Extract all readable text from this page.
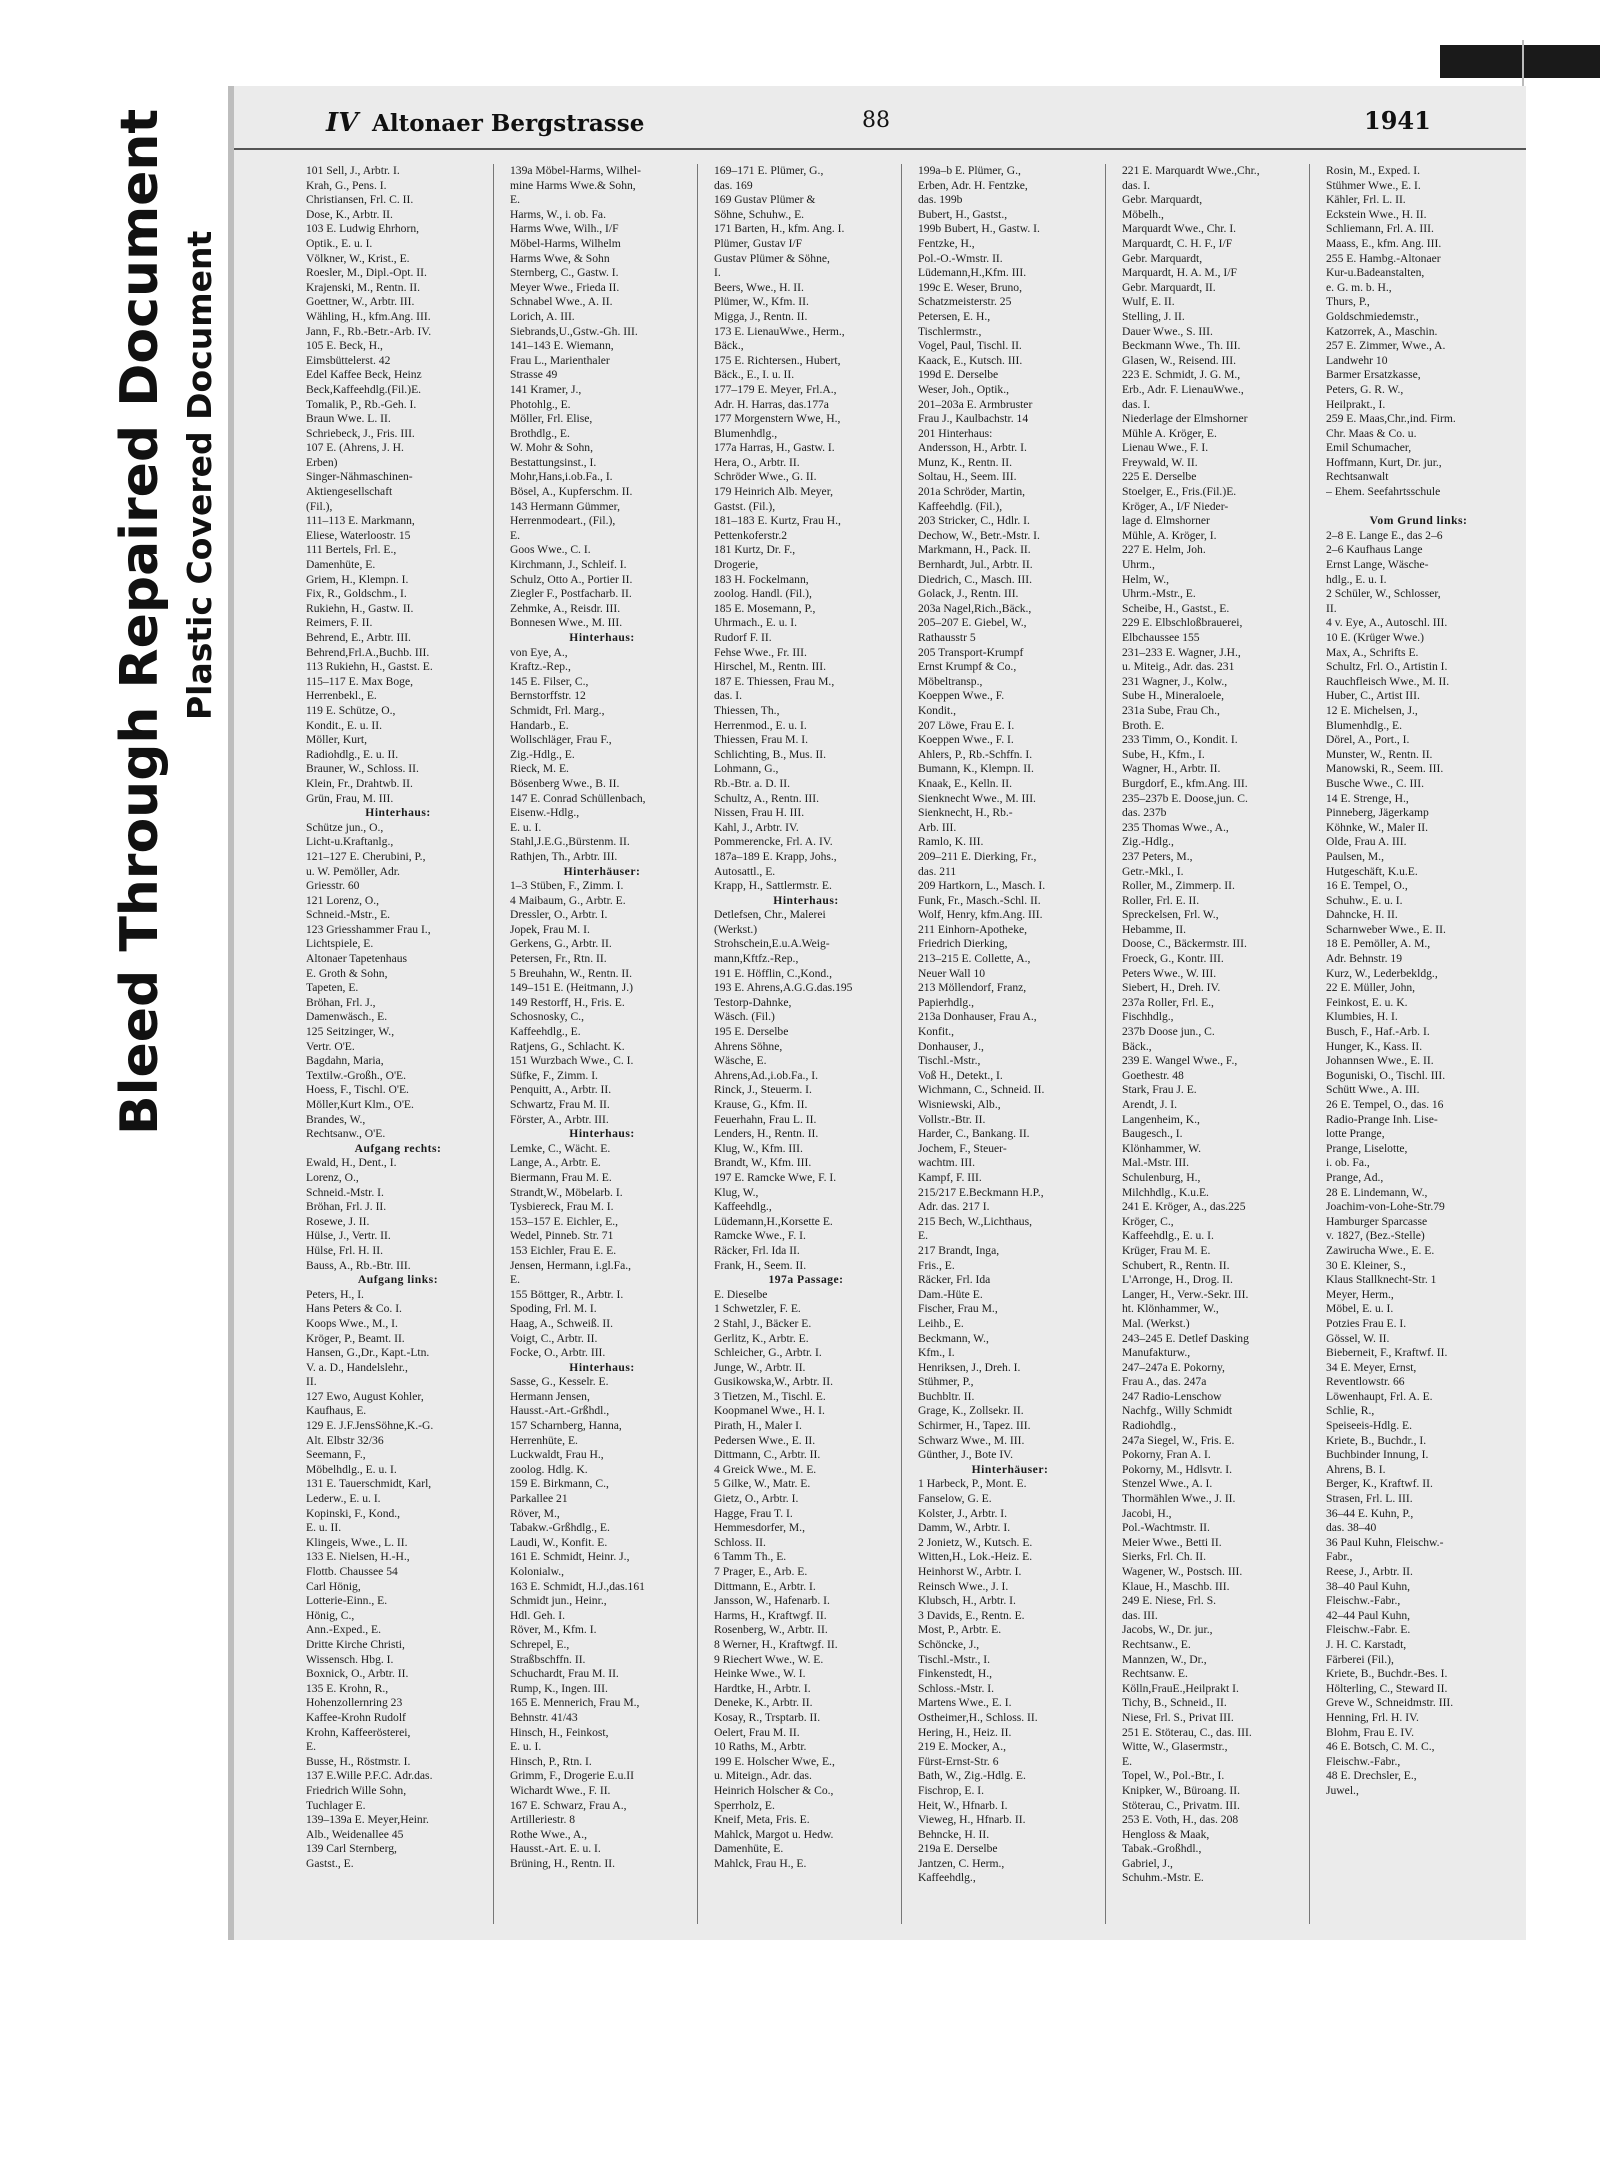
Bleed Through Repaired Document Plastic Covered Document
IV Altonaer Bergstrasse	88	1941
101 Sell, J., Arbtr. I.
Krah, G., Pens. I.
Christiansen, Frl. C. II.
Dose, K., Arbtr. II.
103 E. Ludwig Ehrhorn,
Optik., E. u. I.
Völkner, W., Krist., E.
Roesler, M., Dipl.-Opt. II.
Krajenski, M., Rentn. II.
Goettner, W., Arbtr. III.
Wähling, H., kfm.Ang. III.
Jann, F., Rb.-Betr.-Arb. IV.
105 E. Beck, H.,
Eimsbüttelerst. 42
Edel Kaffee Beck, Heinz
Beck,Kaffeehdlg.(Fil.)E.
Tomalik, P., Rb.-Geh. I.
Braun Wwe. L. II.
Schriebeck, J., Fris. III.
107 E. (Ahrens, J. H.
Erben)
Singer-Nähmaschinen-
Aktiengesellschaft
(Fil.),
111–113 E. Markmann,
Eliese, Waterloostr. 15
111 Bertels, Frl. E.,
Damenhüte, E.
Griem, H., Klempn. I.
Fix, R., Goldschm., I.
Rukiehn, H., Gastw. II.
Reimers, F. II.
Behrend, E., Arbtr. III.
Behrend,Frl.A.,Buchb. III.
113 Rukiehn, H., Gastst. E.
115–117 E. Max Boge,
Herrenbekl., E.
119 E. Schütze, O.,
Kondit., E. u. II.
Möller, Kurt,
Radiohdlg., E. u. II.
Brauner, W., Schloss. II.
Klein, Fr., Drahtwb. II.
Grün, Frau, M. III.
Hinterhaus:
Schütze jun., O.,
Licht-u.Kraftanlg.,
121–127 E. Cherubini, P.,
u. W. Pemöller, Adr.
Griesstr. 60
121 Lorenz, O.,
Schneid.-Mstr., E.
123 Griesshammer Frau I.,
Lichtspiele, E.
Altonaer Tapetenhaus
E. Groth & Sohn,
Tapeten, E.
Bröhan, Frl. J.,
Damenwäsch., E.
125 Seitzinger, W.,
Vertr. O'E.
Bagdahn, Maria,
Textilw.-Großh., O'E.
Hoess, F., Tischl. O'E.
Möller,Kurt Klm., O'E.
Brandes, W.,
Rechtsanw., O'E.
Aufgang rechts:
Ewald, H., Dent., I.
Lorenz, O.,
Schneid.-Mstr. I.
Bröhan, Frl. J. II.
Rosewe, J. II.
Hülse, J., Vertr. II.
Hülse, Frl. H. II.
Bauss, A., Rb.-Btr. III.
Aufgang links:
Peters, H., I.
Hans Peters & Co. I.
Koops Wwe., M., I.
Kröger, P., Beamt. II.
Hansen, G.,Dr., Kapt.-Ltn.
V. a. D., Handelslehr.,
II.
127 Ewo, August Kohler,
Kaufhaus, E.
129 E. J.F.JensSöhne,K.-G.
Alt. Elbstr 32/36
Seemann, F.,
Möbelhdlg., E. u. I.
131 E. Tauerschmidt, Karl,
Lederw., E. u. I.
Kopinski, F., Kond.,
E. u. II.
Klingeis, Wwe., L. II.
133 E. Nielsen, H.-H.,
Flottb. Chaussee 54
Carl Hönig,
Lotterie-Einn., E.
Hönig, C.,
Ann.-Exped., E.
Dritte Kirche Christi,
Wissensch. Hbg. I.
Boxnick, O., Arbtr. II.
135 E. Krohn, R.,
Hohenzollernring 23
Kaffee-Krohn Rudolf
Krohn, Kaffeerösterei,
E.
Busse, H., Röstmstr. I.
137 E.Wille P.F.C. Adr.das.
Friedrich Wille Sohn,
Tuchlager E.
139–139a E. Meyer,Heinr.
Alb., Weidenallee 45
139 Carl Sternberg,
Gastst., E.
139a Möbel-Harms, Wilhel-
mine Harms Wwe.& Sohn,
E.
Harms, W., i. ob. Fa.
Harms Wwe, Wilh., I/F
Möbel-Harms, Wilhelm
Harms Wwe, & Sohn
Sternberg, C., Gastw. I.
Meyer Wwe., Frieda II.
Schnabel Wwe., A. II.
Lorich, A. III.
Siebrands,U.,Gstw.-Gh. III.
141–143 E. Wiemann,
Frau L., Marienthaler
Strasse 49
141 Kramer, J.,
Photohlg., E.
Möller, Frl. Elise,
Brothdlg., E.
W. Mohr & Sohn,
Bestattungsinst., I.
Mohr,Hans,i.ob.Fa., I.
Bösel, A., Kupferschm. II.
143 Hermann Gümmer,
Herrenmodeart., (Fil.),
E.
Goos Wwe., C. I.
Kirchmann, J., Schleif. I.
Schulz, Otto A., Portier II.
Ziegler F., Postfacharb. II.
Zehmke, A., Reisdr. III.
Bonnesen Wwe., M. III.
Hinterhaus:
von Eye, A.,
Kraftz.-Rep.,
145 E. Filser, C.,
Bernstorffstr. 12
Schmidt, Frl. Marg.,
Handarb., E.
Wollschläger, Frau F.,
Zig.-Hdlg., E.
Rieck, M. E.
Bösenberg Wwe., B. II.
147 E. Conrad Schüllenbach,
Eisenw.-Hdlg.,
E. u. I.
Stahl,J.E.G.,Bürstenm. II.
Rathjen, Th., Arbtr. III.
Hinterhäuser:
1–3 Stüben, F., Zimm. I.
4 Maibaum, G., Arbtr. E.
Dressler, O., Arbtr. I.
Jopek, Frau M. I.
Gerkens, G., Arbtr. II.
Petersen, Fr., Rtn. II.
5 Breuhahn, W., Rentn. II.
149–151 E. (Heitmann, J.)
149 Restorff, H., Fris. E.
Schosnosky, C.,
Kaffeehdlg., E.
Ratjens, G., Schlacht. K.
151 Wurzbach Wwe., C. I.
Süfke, F., Zimm. I.
Penquitt, A., Arbtr. II.
Schwartz, Frau M. II.
Förster, A., Arbtr. III.
Hinterhaus:
Lemke, C., Wächt. E.
Lange, A., Arbtr. E.
Biermann, Frau M. E.
Strandt,W., Möbelarb. I.
Tysbiereck, Frau M. I.
153–157 E. Eichler, E.,
Wedel, Pinneb. Str. 71
153 Eichler, Frau E. E.
Jensen, Hermann, i.gl.Fa.,
E.
155 Böttger, R., Arbtr. I.
Spoding, Frl. M. I.
Haag, A., Schweiß. II.
Voigt, C., Arbtr. II.
Focke, O., Arbtr. III.
Hinterhaus:
Sasse, G., Kesselr. E.
Hermann Jensen,
Hausst.-Art.-Grßhdl.,
157 Scharnberg, Hanna,
Herrenhüte, E.
Luckwaldt, Frau H.,
zoolog. Hdlg. K.
159 E. Birkmann, C.,
Parkallee 21
Röver, M.,
Tabakw.-Grßhdlg., E.
Laudi, W., Konfit. E.
161 E. Schmidt, Heinr. J.,
Kolonialw.,
163 E. Schmidt, H.J.,das.161
Schmidt jun., Heinr.,
Hdl. Geh. I.
Röver, M., Kfm. I.
Schrepel, E.,
Straßbschffn. II.
Schuchardt, Frau M. II.
Rump, K., Ingen. III.
165 E. Mennerich, Frau M.,
Behnstr. 41/43
Hinsch, H., Feinkost,
E. u. I.
Hinsch, P., Rtn. I.
Grimm, F., Drogerie E.u.II
Wichardt Wwe., F. II.
167 E. Schwarz, Frau A.,
Artilleriestr. 8
Rothe Wwe., A.,
Hausst.-Art. E. u. I.
Brüning, H., Rentn. II.
169–171 E. Plümer, G.,
das. 169
169 Gustav Plümer &
Söhne, Schuhw., E.
171 Barten, H., kfm. Ang. I.
Plümer, Gustav I/F
Gustav Plümer & Söhne,
I.
Beers, Wwe., H. II.
Plümer, W., Kfm. II.
Migga, J., Rentn. II.
173 E. LienauWwe., Herm.,
Bäck.,
175 E. Richtersen., Hubert,
Bäck., E., I. u. II.
177–179 E. Meyer, Frl.A.,
Adr. H. Harras, das.177a
177 Morgenstern Wwe, H.,
Blumenhdlg.,
177a Harras, H., Gastw. I.
Hera, O., Arbtr. II.
Schröder Wwe., G. II.
179 Heinrich Alb. Meyer,
Gastst. (Fil.),
181–183 E. Kurtz, Frau H.,
Pettenkoferstr.2
181 Kurtz, Dr. F.,
Drogerie,
183 H. Fockelmann,
zoolog. Handl. (Fil.),
185 E. Mosemann, P.,
Uhrmach., E. u. I.
Rudorf F. II.
Fehse Wwe., Fr. III.
Hirschel, M., Rentn. III.
187 E. Thiessen, Frau M.,
das. I.
Thiessen, Th.,
Herrenmod., E. u. I.
Thiessen, Frau M. I.
Schlichting, B., Mus. II.
Lohmann, G.,
Rb.-Btr. a. D. II.
Schultz, A., Rentn. III.
Nissen, Frau H. III.
Kahl, J., Arbtr. IV.
Pommerencke, Frl. A. IV.
187a–189 E. Krapp, Johs.,
Autosattl., E.
Krapp, H., Sattlermstr. E.
Hinterhaus:
Detlefsen, Chr., Malerei
(Werkst.)
Strohschein,E.u.A.Weig-
mann,Kftfz.-Rep.,
191 E. Höfflin, C.,Kond.,
193 E. Ahrens,A.G.G.das.195
Testorp-Dahnke,
Wäsch. (Fil.)
195 E. Derselbe
Ahrens Söhne,
Wäsche, E.
Ahrens,Ad.,i.ob.Fa., I.
Rinck, J., Steuerm. I.
Krause, G., Kfm. II.
Feuerhahn, Frau L. II.
Lenders, H., Rentn. II.
Klug, W., Kfm. III.
Brandt, W., Kfm. III.
197 E. Ramcke Wwe, F. I.
Klug, W.,
Kaffeehdlg.,
Lüdemann,H.,Korsette E.
Ramcke Wwe., F. I.
Räcker, Frl. Ida II.
Frank, H., Seem. II.
197a Passage:
E. Dieselbe
1 Schwetzler, F. E.
2 Stahl, J., Bäcker E.
Gerlitz, K., Arbtr. E.
Schleicher, G., Arbtr. I.
Junge, W., Arbtr. II.
Gusikowska,W., Arbtr. II.
3 Tietzen, M., Tischl. E.
Koopmanel Wwe., H. I.
Pirath, H., Maler I.
Pedersen Wwe., E. II.
Dittmann, C., Arbtr. II.
4 Greick Wwe., M. E.
5 Gilke, W., Matr. E.
Gietz, O., Arbtr. I.
Hagge, Frau T. I.
Hemmesdorfer, M.,
Schloss. II.
6 Tamm Th., E.
7 Prager, E., Arb. E.
Dittmann, E., Arbtr. I.
Jansson, W., Hafenarb. I.
Harms, H., Kraftwgf. II.
Rosenberg, W., Arbtr. II.
8 Werner, H., Kraftwgf. II.
9 Riechert Wwe., W. E.
Heinke Wwe., W. I.
Hardtke, H., Arbtr. I.
Deneke, K., Arbtr. II.
Kosay, R., Trsptarb. II.
Oelert, Frau M. II.
10 Raths, M., Arbtr.
199 E. Holscher Wwe, E.,
u. Miteign., Adr. das.
Heinrich Holscher & Co.,
Sperrholz, E.
Kneif, Meta, Fris. E.
Mahlck, Margot u. Hedw.
Damenhüte, E.
Mahlck, Frau H., E.
199a–b E. Plümer, G.,
Erben, Adr. H. Fentzke,
das. 199b
Bubert, H., Gastst.,
199b Bubert, H., Gastw. I.
Fentzke, H.,
Pol.-O.-Wmstr. II.
Lüdemann,H.,Kfm. III.
199c E. Weser, Bruno,
Schatzmeisterstr. 25
Petersen, E. H.,
Tischlermstr.,
Vogel, Paul, Tischl. II.
Kaack, E., Kutsch. III.
199d E. Derselbe
Weser, Joh., Optik.,
201–203a E. Armbruster
Frau J., Kaulbachstr. 14
201 Hinterhaus:
Andersson, H., Arbtr. I.
Munz, K., Rentn. II.
Soltau, H., Seem. III.
201a Schröder, Martin,
Kaffeehdlg. (Fil.),
203 Stricker, C., Hdlr. I.
Dechow, W., Betr.-Mstr. I.
Markmann, H., Pack. II.
Bernhardt, Jul., Arbtr. II.
Diedrich, C., Masch. III.
Golack, J., Rentn. III.
203a Nagel,Rich.,Bäck.,
205–207 E. Giebel, W.,
Rathausstr 5
205 Transport-Krumpf
Ernst Krumpf & Co.,
Möbeltransp.,
Koeppen Wwe., F.
Kondit.,
207 Löwe, Frau E. I.
Koeppen Wwe., F. I.
Ahlers, P., Rb.-Schffn. I.
Bumann, K., Klempn. II.
Knaak, E., Kelln. II.
Sienknecht Wwe., M. III.
Sienknecht, H., Rb.-
Arb. III.
Ramlo, K. III.
209–211 E. Dierking, Fr.,
das. 211
209 Hartkorn, L., Masch. I.
Funk, Fr., Masch.-Schl. II.
Wolf, Henry, kfm.Ang. III.
211 Einhorn-Apotheke,
Friedrich Dierking,
213–215 E. Collette, A.,
Neuer Wall 10
213 Möllendorf, Franz,
Papierhdlg.,
213a Donhauser, Frau A.,
Konfit.,
Donhauser, J.,
Tischl.-Mstr.,
Voß H., Detekt., I.
Wichmann, C., Schneid. II.
Wisniewski, Alb.,
Vollstr.-Btr. II.
Harder, C., Bankang. II.
Jochem, F., Steuer-
wachtm. III.
Kampf, F. III.
215/217 E.Beckmann H.P.,
Adr. das. 217 I.
215 Bech, W.,Lichthaus,
E.
217 Brandt, Inga,
Fris., E.
Räcker, Frl. Ida
Dam.-Hüte E.
Fischer, Frau M.,
Leihb., E.
Beckmann, W.,
Kfm., I.
Henriksen, J., Dreh. I.
Stühmer, P.,
Buchbltr. II.
Grage, K., Zollsekr. II.
Schirmer, H., Tapez. III.
Schwarz Wwe., M. III.
Günther, J., Bote IV.
Hinterhäuser:
1 Harbeck, P., Mont. E.
Fanselow, G. E.
Kolster, J., Arbtr. I.
Damm, W., Arbtr. I.
2 Jonietz, W., Kutsch. E.
Witten,H., Lok.-Heiz. E.
Heinhorst W., Arbtr. I.
Reinsch Wwe., J. I.
Klubsch, H., Arbtr. I.
3 Davids, E., Rentn. E.
Most, P., Arbtr. E.
Schöncke, J.,
Tischl.-Mstr., I.
Finkenstedt, H.,
Schloss.-Mstr. I.
Martens Wwe., E. I.
Ostheimer,H., Schloss. II.
Hering, H., Heiz. II.
219 E. Mocker, A.,
Fürst-Ernst-Str. 6
Bath, W., Zig.-Hdlg. E.
Fischrop, E. I.
Heit, W., Hfnarb. I.
Vieweg, H., Hfnarb. II.
Behncke, H. II.
219a E. Derselbe
Jantzen, C. Herm.,
Kaffeehdlg.,
221 E. Marquardt Wwe.,Chr.,
das. I.
Gebr. Marquardt,
Möbelh.,
Marquardt Wwe., Chr. I.
Marquardt, C. H. F., I/F
Gebr. Marquardt,
Marquardt, H. A. M., I/F
Gebr. Marquardt, II.
Wulf, E. II.
Stelling, J. II.
Dauer Wwe., S. III.
Beckmann Wwe., Th. III.
Glasen, W., Reisend. III.
223 E. Schmidt, J. G. M.,
Erb., Adr. F. LienauWwe.,
das. I.
Niederlage der Elmshorner
Mühle A. Kröger, E.
Lienau Wwe., F. I.
Freywald, W. II.
225 E. Derselbe
Stoelger, E., Fris.(Fil.)E.
Kröger, A., I/F Nieder-
lage d. Elmshorner
Mühle, A. Kröger, I.
227 E. Helm, Joh.
Uhrm.,
Helm, W.,
Uhrm.-Mstr., E.
Scheibe, H., Gastst., E.
229 E. Elbschloßbrauerei,
Elbchaussee 155
231–233 E. Wagner, J.H.,
u. Miteig., Adr. das. 231
231 Wagner, J., Kolw.,
Sube H., Mineraloele,
231a Sube, Frau Ch.,
Broth. E.
233 Timm, O., Kondit. I.
Sube, H., Kfm., I.
Wagner, H., Arbtr. II.
Burgdorf, E., kfm.Ang. III.
235–237b E. Doose,jun. C.
das. 237b
235 Thomas Wwe., A.,
Zig.-Hdlg.,
237 Peters, M.,
Getr.-Mkl., I.
Roller, M., Zimmerp. II.
Roller, Frl. E. II.
Spreckelsen, Frl. W.,
Hebamme, II.
Doose, C., Bäckermstr. III.
Froeck, G., Kontr. III.
Peters Wwe., W. III.
Siebert, H., Dreh. IV.
237a Roller, Frl. E.,
Fischhdlg.,
237b Doose jun., C.
Bäck.,
239 E. Wangel Wwe., F.,
Goethestr. 48
Stark, Frau J. E.
Arendt, J. I.
Langenheim, K.,
Baugesch., I.
Klönhammer, W.
Mal.-Mstr. III.
Schulenburg, H.,
Milchhdlg., K.u.E.
241 E. Kröger, A., das.225
Kröger, C.,
Kaffeehdlg., E. u. I.
Krüger, Frau M. E.
Schubert, R., Rentn. II.
L'Arronge, H., Drog. II.
Langer, H., Verw.-Sekr. III.
ht. Klönhammer, W.,
Mal. (Werkst.)
243–245 E. Detlef Dasking
Manufakturw.,
247–247a E. Pokorny,
Frau A., das. 247a
247 Radio-Lenschow
Nachfg., Willy Schmidt
Radiohdlg.,
247a Siegel, W., Fris. E.
Pokorny, Fran A. I.
Pokorny, M., Hdlsvtr. I.
Stenzel Wwe., A. I.
Thormählen Wwe., J. II.
Jacobi, H.,
Pol.-Wachtmstr. II.
Meier Wwe., Betti II.
Sierks, Frl. Ch. II.
Wagener, W., Postsch. III.
Klaue, H., Maschb. III.
249 E. Niese, Frl. S.
das. III.
Jacobs, W., Dr. jur.,
Rechtsanw., E.
Mannzen, W., Dr.,
Rechtsanw. E.
Kölln,FrauE.,Heilprakt I.
Tichy, B., Schneid., II.
Niese, Frl. S., Privat III.
251 E. Stöterau, C., das. III.
Witte, W., Glasermstr.,
E.
Topel, W., Pol.-Btr., I.
Knipker, W., Büroang. II.
Stöterau, C., Privatm. III.
253 E. Voth, H., das. 208
Hengloss & Maak,
Tabak.-Großhdl.,
Gabriel, J.,
Schuhm.-Mstr. E.
Rosin, M., Exped. I.
Stühmer Wwe., E. I.
Kähler, Frl. L. II.
Eckstein Wwe., H. II.
Schliemann, Frl. A. III.
Maass, E., kfm. Ang. III.
255 E. Hambg.-Altonaer
Kur-u.Badeanstalten,
e. G. m. b. H.,
Thurs, P.,
Goldschmiedemstr.,
Katzorrek, A., Maschin.
257 E. Zimmer, Wwe., A.
Landwehr 10
Barmer Ersatzkasse,
Peters, G. R. W.,
Heilprakt., I.
259 E. Maas,Chr.,ind. Firm.
Chr. Maas & Co. u.
Emil Schumacher,
Hoffmann, Kurt, Dr. jur.,
Rechtsanwalt
– Ehem. Seefahrtsschule
Vom Grund links:
2–8 E. Lange E., das 2–6
2–6 Kaufhaus Lange
Ernst Lange, Wäsche-
hdlg., E. u. I.
2 Schüler, W., Schlosser,
II.
4 v. Eye, A., Autoschl. III.
10 E. (Krüger Wwe.)
Max, A., Schrifts E.
Schultz, Frl. O., Artistin I.
Rauchfleisch Wwe., M. II.
Huber, C., Artist III.
12 E. Michelsen, J.,
Blumenhdlg., E.
Dörel, A., Port., I.
Munster, W., Rentn. II.
Manowski, R., Seem. III.
Busche Wwe., C. III.
14 E. Strenge, H.,
Pinneberg, Jägerkamp
Köhnke, W., Maler II.
Olde, Frau A. III.
Paulsen, M.,
Hutgeschäft, K.u.E.
16 E. Tempel, O.,
Schuhw., E. u. I.
Dahncke, H. II.
Scharnweber Wwe., E. II.
18 E. Pemöller, A. M.,
Adr. Behnstr. 19
Kurz, W., Lederbekldg.,
22 E. Müller, John,
Feinkost, E. u. K.
Klumbies, H. I.
Busch, F., Haf.-Arb. I.
Hunger, K., Kass. II.
Johannsen Wwe., E. II.
Boguniski, O., Tischl. III.
Schütt Wwe., A. III.
26 E. Tempel, O., das. 16
Radio-Prange Inh. Lise-
lotte Prange,
Prange, Liselotte,
i. ob. Fa.,
Prange, Ad.,
28 E. Lindemann, W.,
Joachim-von-Lohe-Str.79
Hamburger Sparcasse
v. 1827, (Bez.-Stelle)
Zawirucha Wwe., E. E.
30 E. Kleiner, S.,
Klaus Stallknecht-Str. 1
Meyer, Herm.,
Möbel, E. u. I.
Potzies Frau E. I.
Gössel, W. II.
Bieberneit, F., Kraftwf. II.
34 E. Meyer, Ernst,
Reventlowstr. 66
Löwenhaupt, Frl. A. E.
Schlie, R.,
Speiseeis-Hdlg. E.
Kriete, B., Buchdr., I.
Buchbinder Innung, I.
Ahrens, B. I.
Berger, K., Kraftwf. II.
Strasen, Frl. L. III.
36–44 E. Kuhn, P.,
das. 38–40
36 Paul Kuhn, Fleischw.-
Fabr.,
Reese, J., Arbtr. II.
38–40 Paul Kuhn,
Fleischw.-Fabr.,
42–44 Paul Kuhn,
Fleischw.-Fabr. E.
J. H. C. Karstadt,
Färberei (Fil.),
Kriete, B., Buchdr.-Bes. I.
Hölterling, C., Steward II.
Greve W., Schneidmstr. III.
Henning, Frl. H. IV.
Blohm, Frau E. IV.
46 E. Botsch, C. M. C.,
Fleischw.-Fabr.,
48 E. Drechsler, E.,
Juwel.,
